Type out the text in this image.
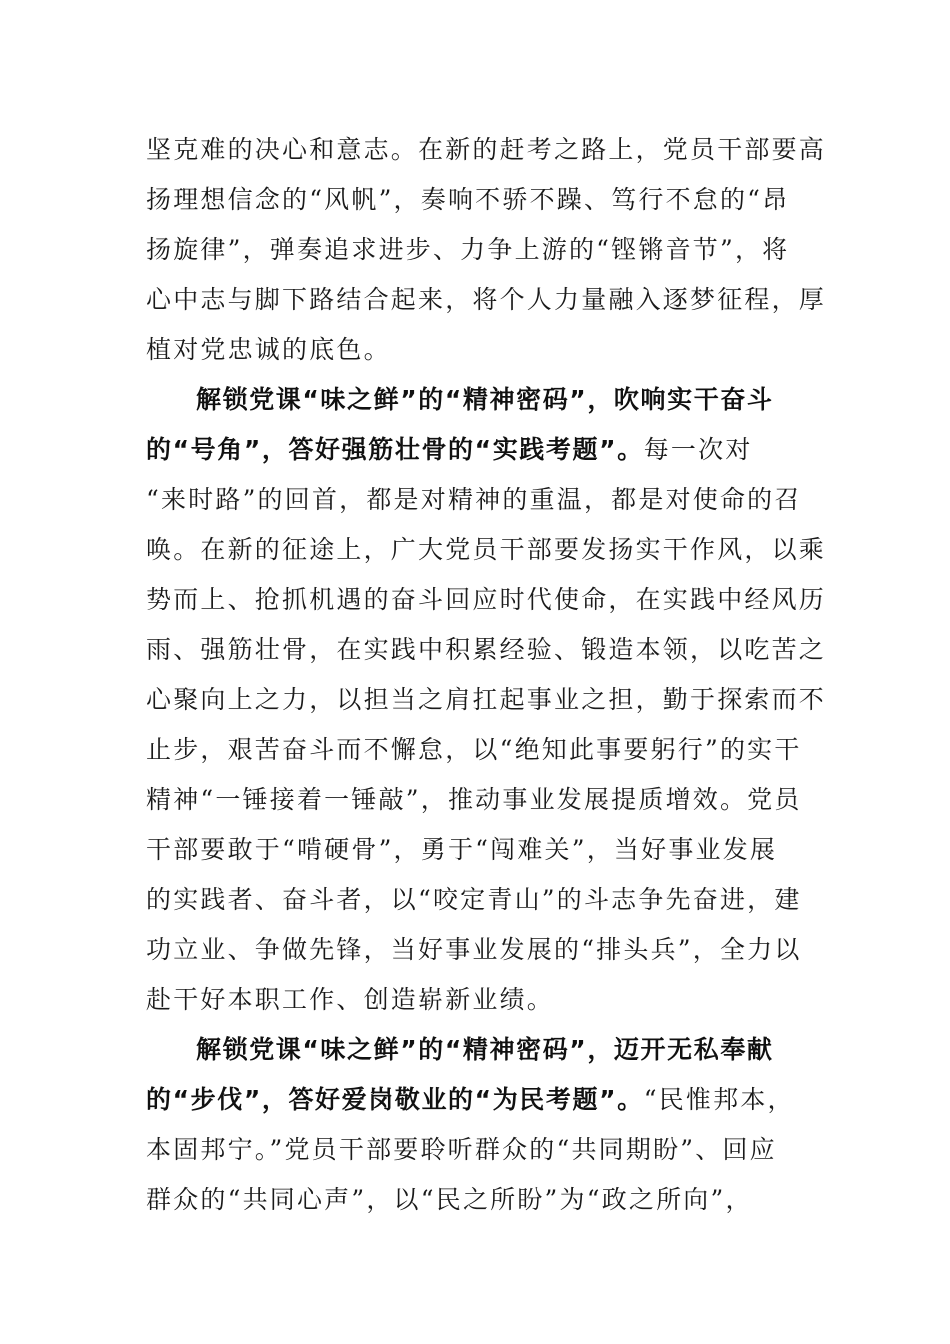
坚克难的决心和意志。在新的赶考之路上，党员干部要高
扬理想信念的“风帆”，奏响不骄不躁、笃行不怠的“昂
扬旋律”，弹奏追求进步、力争上游的“铿锵音节”，将
心中志与脚下路结合起来，将个人力量融入逐梦征程，厚
植对党忠诚的底色。
解锁党课“味之鲜”的“精神密码”，吹响实干奋斗
的“号角”，答好强筋壮骨的“实践考题”。每一次对
“来时路”的回首，都是对精神的重温，都是对使命的召
唤。在新的征途上，广大党员干部要发扬实干作风，以乘
势而上、抢抓机遇的奋斗回应时代使命，在实践中经风历
雨、强筋壮骨，在实践中积累经验、锻造本领，以吃苦之
心聚向上之力，以担当之肩扛起事业之担，勤于探索而不
止步，艰苦奋斗而不懈怠，以“绝知此事要躬行”的实干
精神“一锤接着一锤敲”，推动事业发展提质增效。党员
干部要敢于“啃硬骨”，勇于“闯难关”，当好事业发展
的实践者、奋斗者，以“咬定青山”的斗志争先奋进，建
功立业、争做先锋，当好事业发展的“排头兵”，全力以
赴干好本职工作、创造崭新业绩。
解锁党课“味之鲜”的“精神密码”，迈开无私奉献
的“步伐”，答好爱岗敬业的“为民考题”。“民惟邦本，
本固邦宁。”党员干部要聆听群众的“共同期盼”、回应
群众的“共同心声”，以“民之所盼”为“政之所向”，
